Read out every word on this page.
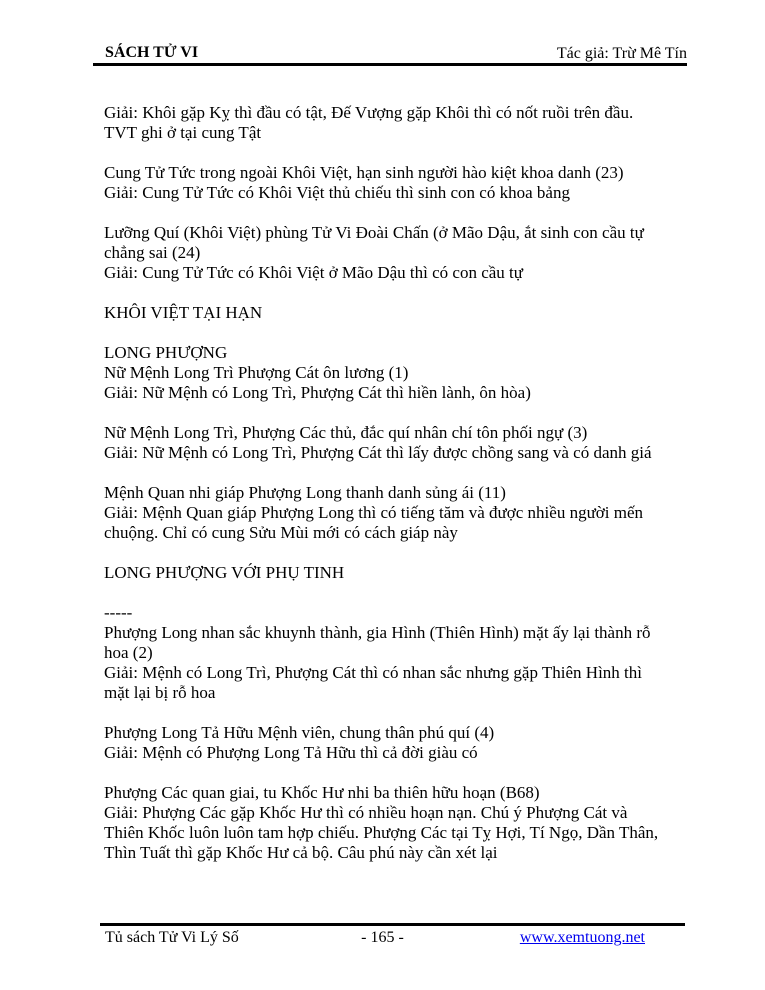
SÁCH TỬ VI	Tác giả: Trừ Mê Tín
Giải: Khôi gặp Kỵ thì đầu có tật, Đế Vượng gặp Khôi thì có nốt ruồi trên đầu.
TVT ghi ở tại cung Tật
Cung Tử Tức trong ngoài Khôi Việt, hạn sinh người hào kiệt khoa danh (23)
Giải: Cung Tử Tức có Khôi Việt thủ chiếu thì sinh con có khoa bảng
Lưỡng Quí (Khôi Việt) phùng Tử Vi Đoài Chấn (ở Mão Dậu, ắt sinh con cầu tự
chẳng sai (24)
Giải: Cung Tử Tức có Khôi Việt ở Mão Dậu thì có con cầu tự
KHÔI VIỆT TẠI HẠN
LONG PHƯỢNG
Nữ Mệnh Long Trì Phượng Cát ôn lương (1)
Giải: Nữ Mệnh có Long Trì, Phượng Cát thì hiền lành, ôn hòa)
Nữ Mệnh Long Trì, Phượng Các thủ, đắc quí nhân chí tôn phối ngự (3)
Giải: Nữ Mệnh có Long Trì, Phượng Cát thì lấy được chồng sang và có danh giá
Mệnh Quan nhi giáp Phượng Long thanh danh sủng ái (11)
Giải: Mệnh Quan giáp Phượng Long thì có tiếng tăm và được nhiều người mến
chuộng. Chỉ có cung Sửu Mùi mới có cách giáp này
LONG PHƯỢNG VỚI PHỤ TINH
-----
Phượng Long nhan sắc khuynh thành, gia Hình (Thiên Hình) mặt ấy lại thành rỗ
hoa (2)
Giải: Mệnh có Long Trì, Phượng Cát thì có nhan sắc nhưng gặp Thiên Hình thì
mặt lại bị rỗ hoa
Phượng Long Tả Hữu Mệnh viên, chung thân phú quí (4)
Giải: Mệnh có Phượng Long Tả Hữu thì cả đời giàu có
Phượng Các quan giai, tu Khốc Hư nhi ba thiên hữu hoạn (B68)
Giải: Phượng Các gặp Khốc Hư thì có nhiều hoạn nạn. Chú ý Phượng Cát và
Thiên Khốc luôn luôn tam hợp chiếu. Phượng Các tại Tỵ Hợi, Tí Ngọ, Dần Thân,
Thìn Tuất thì gặp Khốc Hư cả bộ. Câu phú này cần xét lại
Tủ sách Tử Vi Lý Số	- 165 -	www.xemtuong.net
